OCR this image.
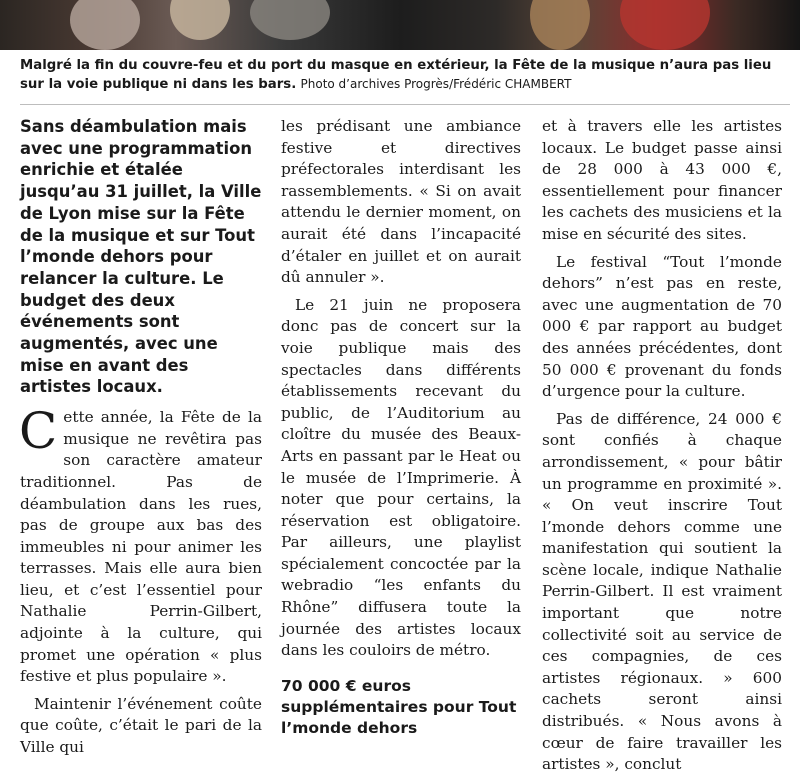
Malgré la fin du couvre-feu et du port du masque en extérieur, la Fête de la musique n’aura pas lieu sur la voie publique ni dans les bars. Photo d’archives Progrès/Frédéric CHAMBERT

Sans déambulation mais avec une programmation enrichie et étalée jusqu’au 31 juillet, la Ville de Lyon mise sur la Fête de la musique et sur Tout l’monde dehors pour relancer la culture. Le budget des deux événements sont augmentés, avec une mise en avant des artistes locaux.

Cette année, la Fête de la musique ne revêtira pas son caractère amateur traditionnel. Pas de déambulation dans les rues, pas de groupe aux bas des immeubles ni pour animer les terrasses. Mais elle aura bien lieu, et c’est l’essentiel pour Nathalie Perrin-Gilbert, adjointe à la culture, qui promet une opération « plus festive et plus populaire ».

Maintenir l’événement coûte que coûte, c’était le pari de la Ville qui

les prédisant une ambiance festive et directives préfectorales interdisant les rassemblements. « Si on avait attendu le dernier moment, on aurait été dans l’incapacité d’étaler en juillet et on aurait dû annuler ».

Le 21 juin ne proposera donc pas de concert sur la voie publique mais des spectacles dans différents établissements recevant du public, de l’Auditorium au cloître du musée des Beaux-Arts en passant par le Heat ou le musée de l’Imprimerie. À noter que pour certains, la réservation est obligatoire. Par ailleurs, une playlist spécialement concoctée par la webradio “les enfants du Rhône” diffusera toute la journée des artistes locaux dans les couloirs de métro.

70 000 € euros supplémentaires pour Tout l’monde dehors

et à travers elle les artistes locaux. Le budget passe ainsi de 28 000 à 43 000 €, essentiellement pour financer les cachets des musiciens et la mise en sécurité des sites.

Le festival “Tout l’monde dehors” n’est pas en reste, avec une augmentation de 70 000 € par rapport au budget des années précédentes, dont 50 000 € provenant du fonds d’urgence pour la culture.

Pas de différence, 24 000 € sont confiés à chaque arrondissement, « pour bâtir un programme en proximité ». « On veut inscrire Tout l’monde dehors comme une manifestation qui soutient la scène locale, indique Nathalie Perrin-Gilbert. Il est vraiment important que notre collectivité soit au service de ces compagnies, de ces artistes régionaux. » 600 cachets seront ainsi distribués. « Nous avons à cœur de faire travailler les artistes », conclut
